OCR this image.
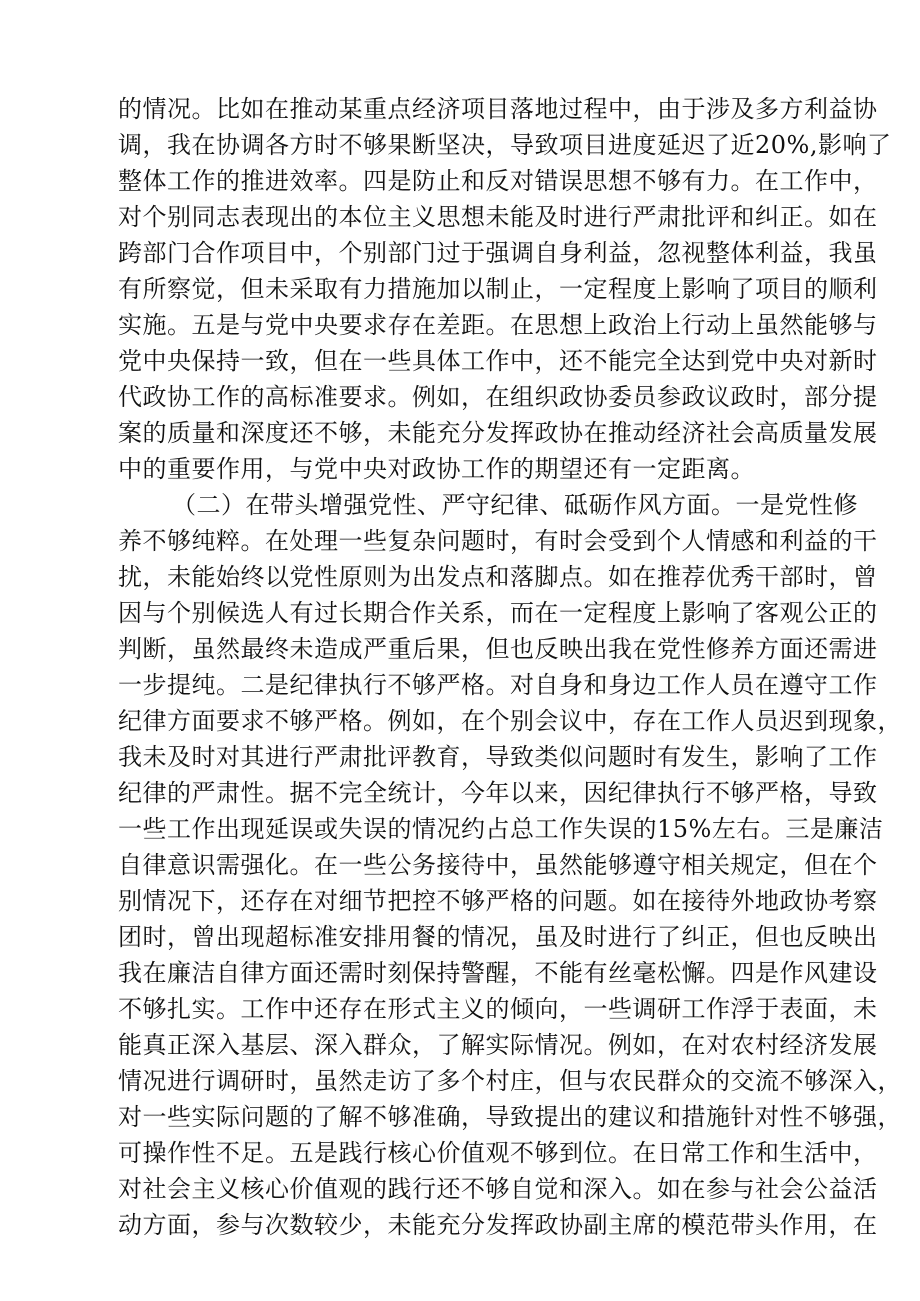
的情况。比如在推动某重点经济项目落地过程中，由于涉及多方利益协
调，我在协调各方时不够果断坚决，导致项目进度延迟了近20%,影响了
整体工作的推进效率。四是防止和反对错误思想不够有力。在工作中，
对个别同志表现出的本位主义思想未能及时进行严肃批评和纠正。如在
跨部门合作项目中，个别部门过于强调自身利益，忽视整体利益，我虽
有所察觉，但未采取有力措施加以制止，一定程度上影响了项目的顺利
实施。五是与党中央要求存在差距。在思想上政治上行动上虽然能够与
党中央保持一致，但在一些具体工作中，还不能完全达到党中央对新时
代政协工作的高标准要求。例如，在组织政协委员参政议政时，部分提
案的质量和深度还不够，未能充分发挥政协在推动经济社会高质量发展
中的重要作用，与党中央对政协工作的期望还有一定距离。
（二）在带头增强党性、严守纪律、砥砺作风方面。一是党性修
养不够纯粹。在处理一些复杂问题时，有时会受到个人情感和利益的干
扰，未能始终以党性原则为出发点和落脚点。如在推荐优秀干部时，曾
因与个别候选人有过长期合作关系，而在一定程度上影响了客观公正的
判断，虽然最终未造成严重后果，但也反映出我在党性修养方面还需进
一步提纯。二是纪律执行不够严格。对自身和身边工作人员在遵守工作
纪律方面要求不够严格。例如，在个别会议中，存在工作人员迟到现象，
我未及时对其进行严肃批评教育，导致类似问题时有发生，影响了工作
纪律的严肃性。据不完全统计，今年以来，因纪律执行不够严格，导致
一些工作出现延误或失误的情况约占总工作失误的15%左右。三是廉洁
自律意识需强化。在一些公务接待中，虽然能够遵守相关规定，但在个
别情况下，还存在对细节把控不够严格的问题。如在接待外地政协考察
团时，曾出现超标准安排用餐的情况，虽及时进行了纠正，但也反映出
我在廉洁自律方面还需时刻保持警醒，不能有丝毫松懈。四是作风建设
不够扎实。工作中还存在形式主义的倾向，一些调研工作浮于表面，未
能真正深入基层、深入群众，了解实际情况。例如，在对农村经济发展
情况进行调研时，虽然走访了多个村庄，但与农民群众的交流不够深入，
对一些实际问题的了解不够准确，导致提出的建议和措施针对性不够强，
可操作性不足。五是践行核心价值观不够到位。在日常工作和生活中，
对社会主义核心价值观的践行还不够自觉和深入。如在参与社会公益活
动方面，参与次数较少，未能充分发挥政协副主席的模范带头作用，在
